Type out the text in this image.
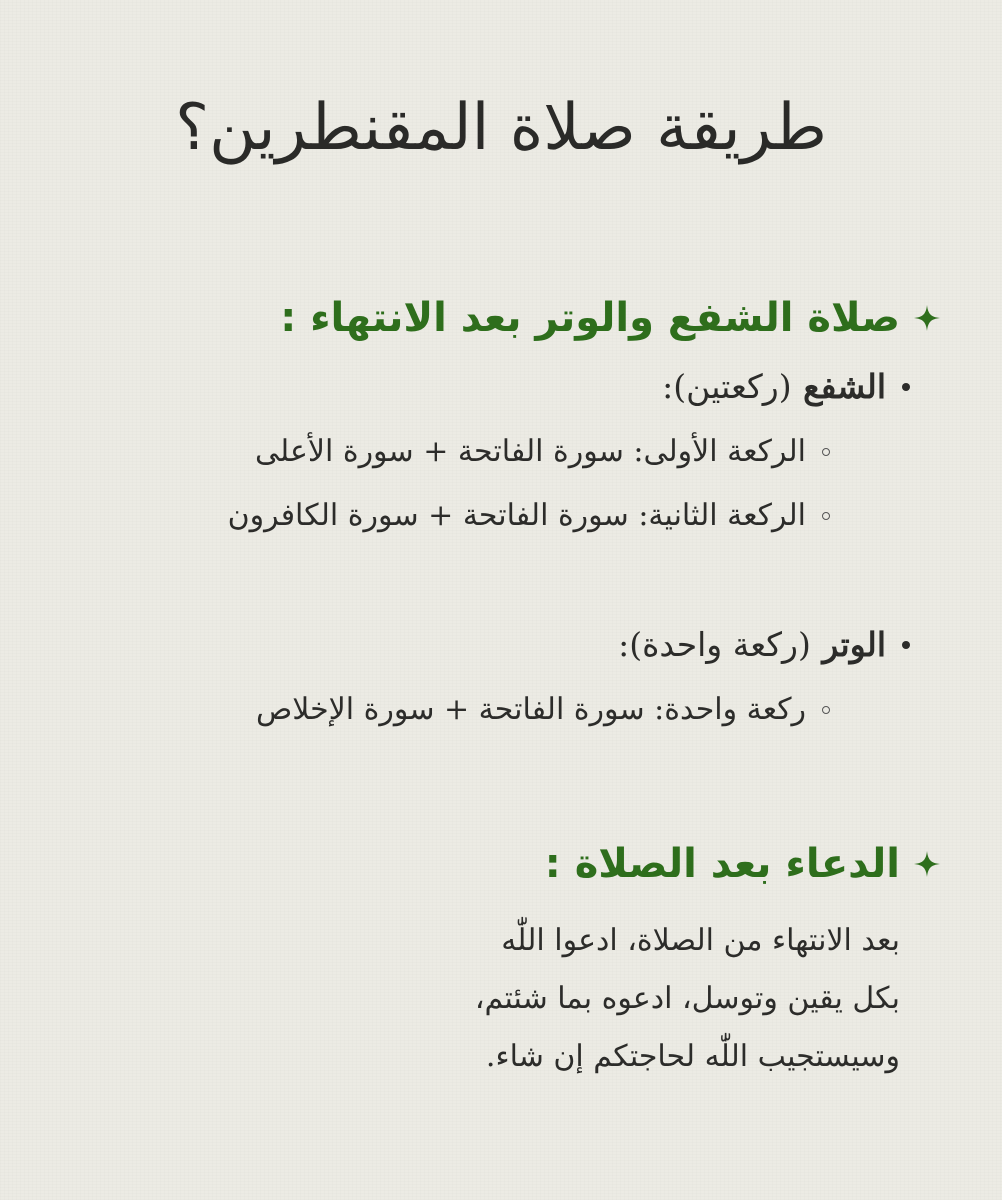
طريقة صلاة المقنطرين؟
صلاة الشفع والوتر بعد الانتهاء :
الشفع (ركعتين):
الركعة الأولى: سورة الفاتحة + سورة الأعلى
الركعة الثانية: سورة الفاتحة + سورة الكافرون
الوتر (ركعة واحدة):
ركعة واحدة: سورة الفاتحة + سورة الإخلاص
الدعاء بعد الصلاة :
بعد الانتهاء من الصلاة، ادعوا اللّٰه
بكل يقين وتوسل، ادعوه بما شئتم،
وسيستجيب اللّٰه لحاجتكم إن شاء.
